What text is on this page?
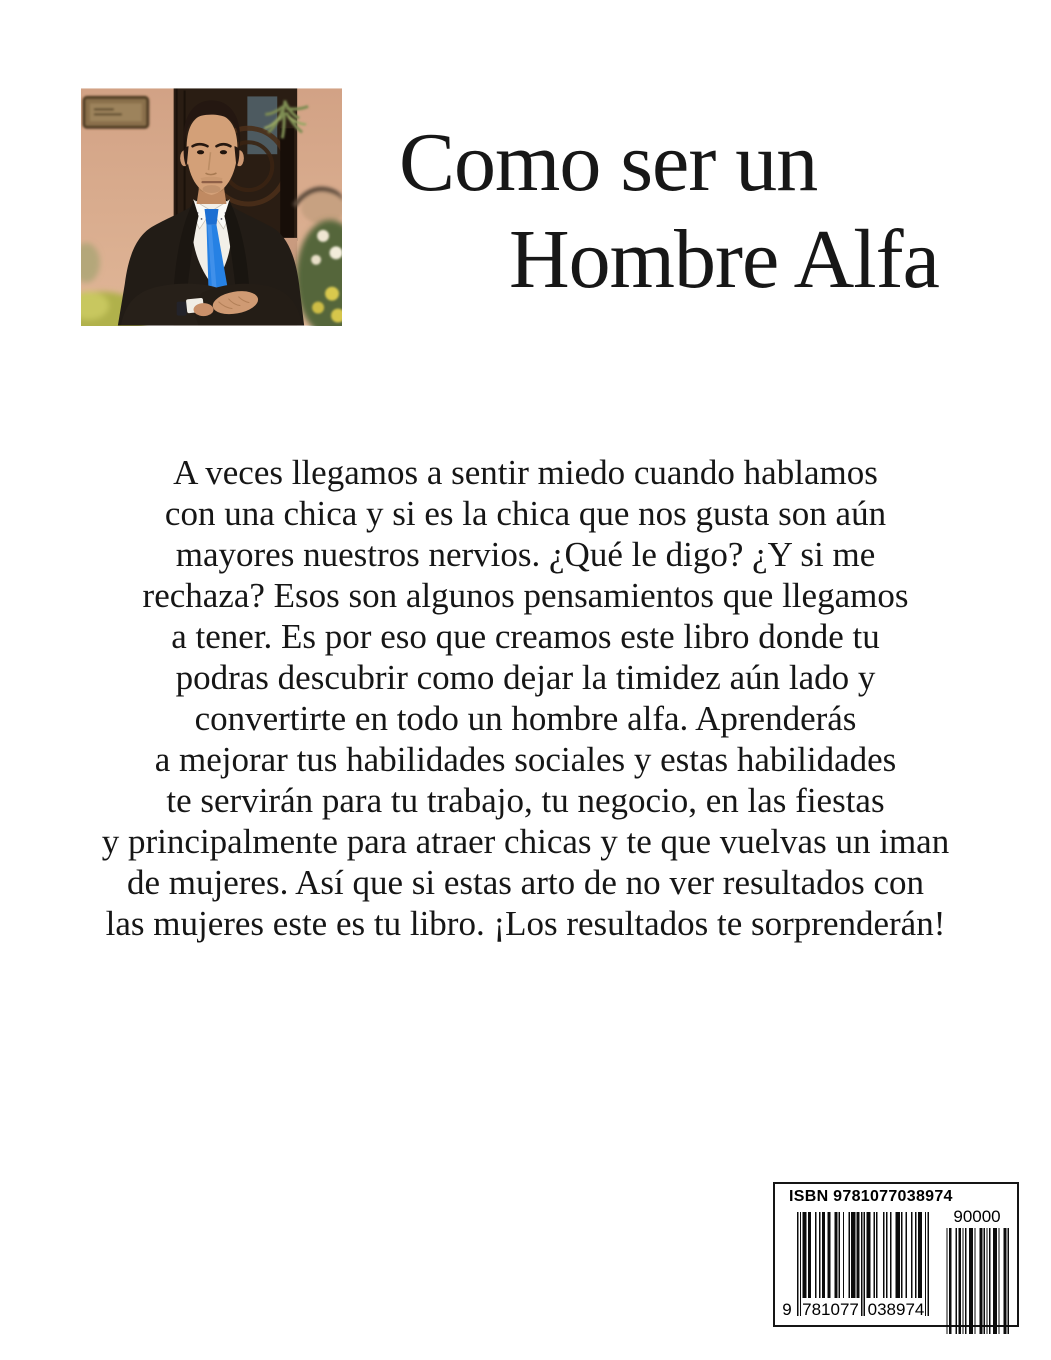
Como ser un
Hombre Alfa
A veces llegamos a sentir miedo cuando hablamos
con una chica y si es la chica que nos gusta son aún
mayores nuestros nervios. ¿Qué le digo? ¿Y si me
rechaza? Esos son algunos pensamientos que llegamos
a tener. Es por eso que creamos este libro donde tu
podras descubrir como dejar la timidez aún lado y
convertirte en todo un hombre alfa. Aprenderás
a mejorar tus habilidades sociales y estas habilidades
te servirán para tu trabajo, tu negocio, en las fiestas
y principalmente para atraer chicas y te que vuelvas un iman
de mujeres. Así que si estas arto de no ver resultados con
las mujeres este es tu libro. ¡Los resultados te sorprenderán!
ISBN 9781077038974
9 781077 038974
90000
